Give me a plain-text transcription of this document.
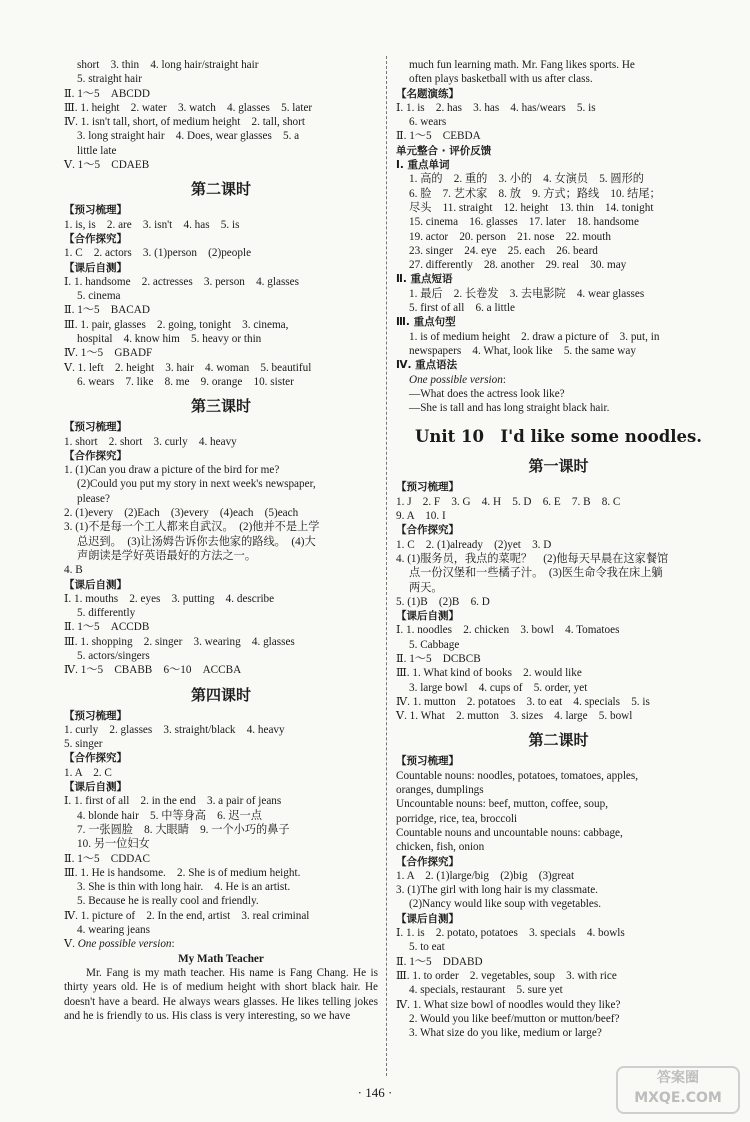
short　3. thin　4. long hair/straight hair
5. straight hair
Ⅱ. 1～5　ABCDD
Ⅲ. 1. height　2. water　3. watch　4. glasses　5. later
Ⅳ. 1. isn't tall, short, of medium height　2. tall, short
3. long straight hair　4. Does, wear glasses　5. a
little late
Ⅴ. 1～5　CDAEB
第二课时
【预习梳理】
1. is, is　2. are　3. isn't　4. has　5. is
【合作探究】
1. C　2. actors　3. (1)person　(2)people
【课后自测】
Ⅰ. 1. handsome　2. actresses　3. person　4. glasses
5. cinema
Ⅱ. 1～5　BACAD
Ⅲ. 1. pair, glasses　2. going, tonight　3. cinema,
hospital　4. know him　5. heavy or thin
Ⅳ. 1～5　GBADF
Ⅴ. 1. left　2. height　3. hair　4. woman　5. beautiful
6. wears　7. like　8. me　9. orange　10. sister
第三课时
【预习梳理】
1. short　2. short　3. curly　4. heavy
【合作探究】
1. (1)Can you draw a picture of the bird for me?
(2)Could you put my story in next week's newspaper,
please?
2. (1)every　(2)Each　(3)every　(4)each　(5)each
3. (1)不是每一个工人都来自武汉。　(2)他并不是上学
总迟到。　(3)让汤姆告诉你去他家的路线。　(4)大
声朗读是学好英语最好的方法之一。
4. B
【课后自测】
Ⅰ. 1. mouths　2. eyes　3. putting　4. describe
5. differently
Ⅱ. 1～5　ACCDB
Ⅲ. 1. shopping　2. singer　3. wearing　4. glasses
5. actors/singers
Ⅳ. 1～5　CBABB　6～10　ACCBA
第四课时
【预习梳理】
1. curly　2. glasses　3. straight/black　4. heavy
5. singer
【合作探究】
1. A　2. C
【课后自测】
Ⅰ. 1. first of all　2. in the end　3. a pair of jeans
4. blonde hair　5. 中等身高　6. 迟一点
7. 一张圆脸　8. 大眼睛　9. 一个小巧的鼻子
10. 另一位妇女
Ⅱ. 1～5　CDDAC
Ⅲ. 1. He is handsome.　2. She is of medium height.
3. She is thin with long hair.　4. He is an artist.
5. Because he is really cool and friendly.
Ⅳ. 1. picture of　2. In the end, artist　3. real criminal
4. wearing jeans
Ⅴ. One possible version:
My Math Teacher
Mr. Fang is my math teacher. His name is Fang Chang. He is thirty years old. He is of medium height with short black hair. He doesn't have a beard. He always wears glasses. He likes telling jokes and he is friendly to us. His class is very interesting, so we have
much fun learning math. Mr. Fang likes sports. He
often plays basketball with us after class.
【名题演练】
Ⅰ. 1. is　2. has　3. has　4. has/wears　5. is
6. wears
Ⅱ. 1～5　CEBDA
单元整合 · 评价反馈
Ⅰ. 重点单词
1. 高的　2. 重的　3. 小的　4. 女演员　5. 圆形的
6. 脸　7. 艺术家　8. 放　9. 方式；路线　10. 结尾；
尽头　11. straight　12. height　13. thin　14. tonight
15. cinema　16. glasses　17. later　18. handsome
19. actor　20. person　21. nose　22. mouth
23. singer　24. eye　25. each　26. beard
27. differently　28. another　29. real　30. may
Ⅱ. 重点短语
1. 最后　2. 长卷发　3. 去电影院　4. wear glasses
5. first of all　6. a little
Ⅲ. 重点句型
1. is of medium height　2. draw a picture of　3. put, in
newspapers　4. What, look like　5. the same way
Ⅳ. 重点语法
One possible version:
—What does the actress look like?
—She is tall and has long straight black hair.
Unit 10　I'd like some noodles.
第一课时
【预习梳理】
1. J　2. F　3. G　4. H　5. D　6. E　7. B　8. C
9. A　10. I
【合作探究】
1. C　2. (1)already　(2)yet　3. D
4. (1)服务员，我点的菜呢？　(2)他每天早晨在这家餐馆
点一份汉堡和一些橘子汁。　(3)医生命令我在床上躺
两天。
5. (1)B　(2)B　6. D
【课后自测】
Ⅰ. 1. noodles　2. chicken　3. bowl　4. Tomatoes
5. Cabbage
Ⅱ. 1～5　DCBCB
Ⅲ. 1. What kind of books　2. would like
3. large bowl　4. cups of　5. order, yet
Ⅳ. 1. mutton　2. potatoes　3. to eat　4. specials　5. is
Ⅴ. 1. What　2. mutton　3. sizes　4. large　5. bowl
第二课时
【预习梳理】
Countable nouns: noodles, potatoes, tomatoes, apples,
oranges, dumplings
Uncountable nouns: beef, mutton, coffee, soup,
porridge, rice, tea, broccoli
Countable nouns and uncountable nouns: cabbage,
chicken, fish, onion
【合作探究】
1. A　2. (1)large/big　(2)big　(3)great
3. (1)The girl with long hair is my classmate.
(2)Nancy would like soup with vegetables.
【课后自测】
Ⅰ. 1. is　2. potato, potatoes　3. specials　4. bowls
5. to eat
Ⅱ. 1～5　DDABD
Ⅲ. 1. to order　2. vegetables, soup　3. with rice
4. specials, restaurant　5. sure yet
Ⅳ. 1. What size bowl of noodles would they like?
2. Would you like beef/mutton or mutton/beef?
3. What size do you like, medium or large?
· 146 ·
答案圈
MXQE.COM
